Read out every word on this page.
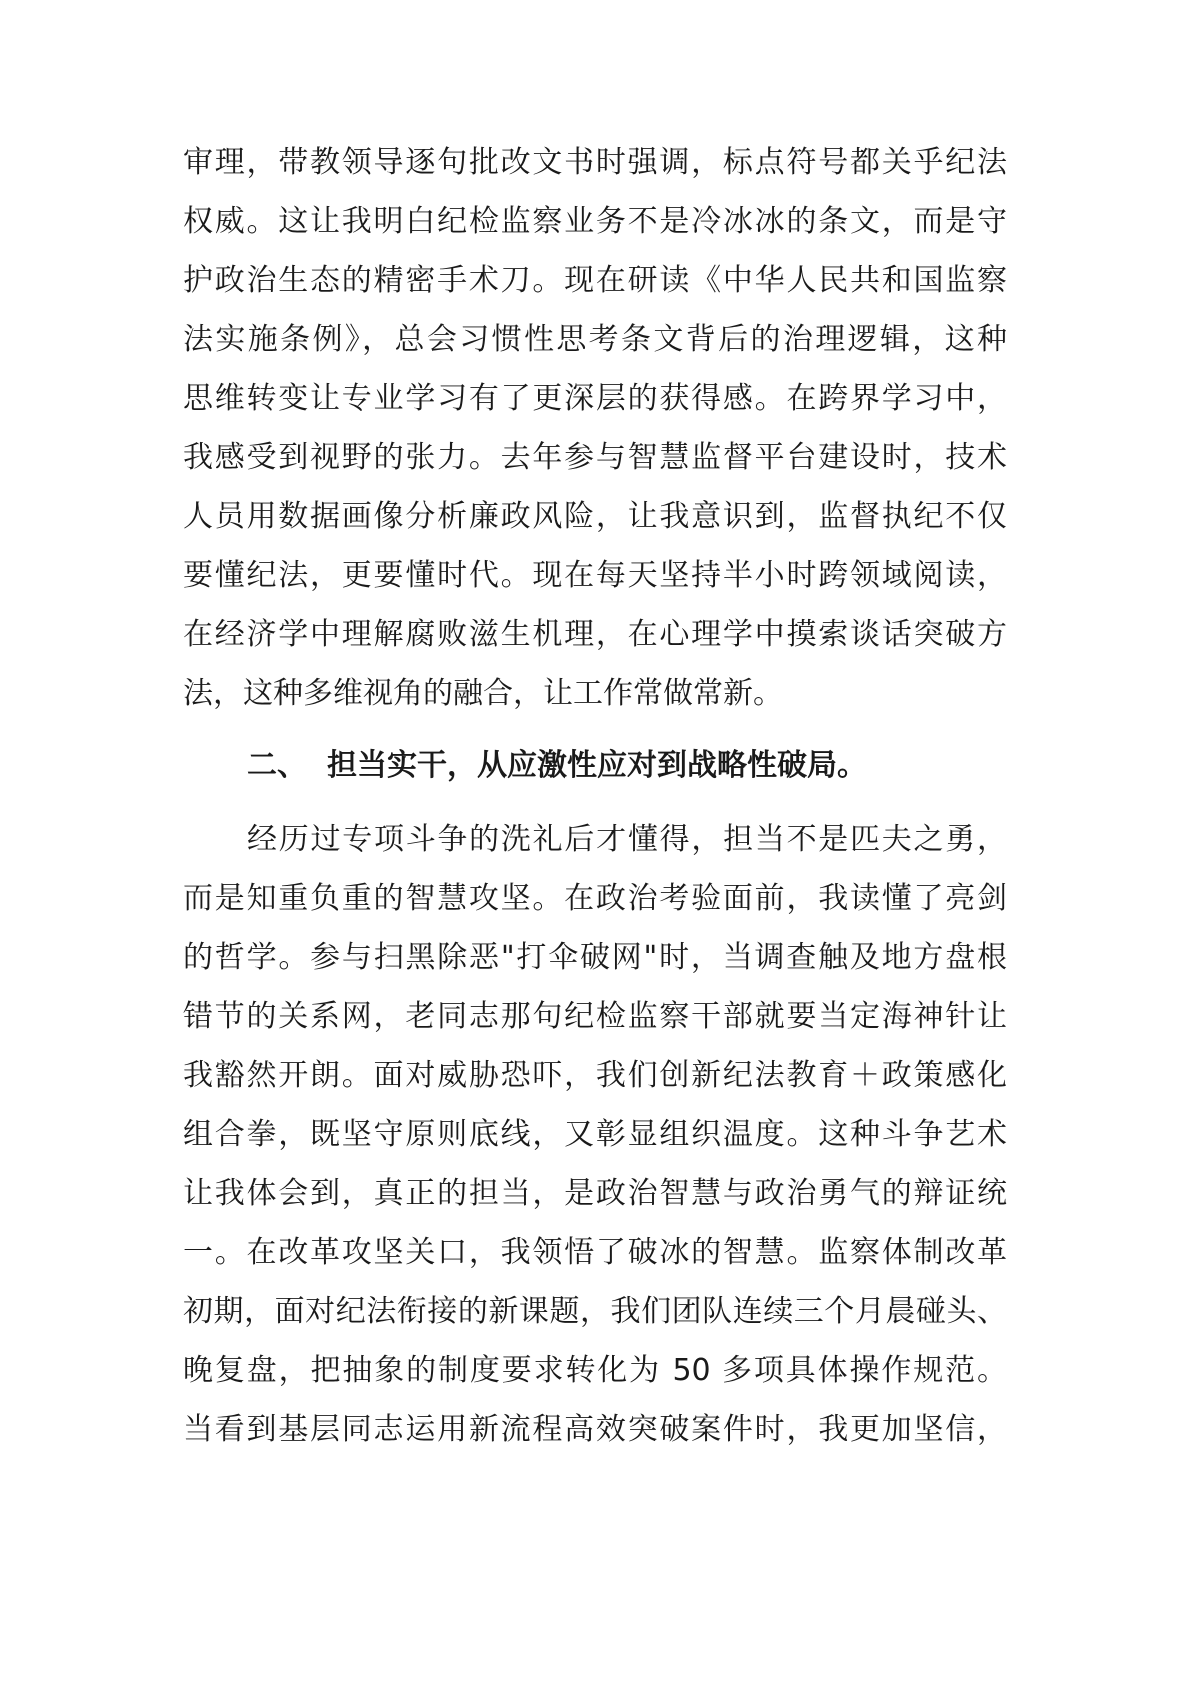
审理，带教领导逐句批改文书时强调，标点符号都关乎纪法
权威。这让我明白纪检监察业务不是冷冰冰的条文，而是守
护政治生态的精密手术刀。现在研读《中华人民共和国监察
法实施条例》，总会习惯性思考条文背后的治理逻辑，这种
思维转变让专业学习有了更深层的获得感。在跨界学习中，
我感受到视野的张力。去年参与智慧监督平台建设时，技术
人员用数据画像分析廉政风险，让我意识到，监督执纪不仅
要懂纪法，更要懂时代。现在每天坚持半小时跨领域阅读，
在经济学中理解腐败滋生机理，在心理学中摸索谈话突破方
法，这种多维视角的融合，让工作常做常新。
二、 担当实干，从应激性应对到战略性破局。
经历过专项斗争的洗礼后才懂得，担当不是匹夫之勇，
而是知重负重的智慧攻坚。在政治考验面前，我读懂了亮剑
的哲学。参与扫黑除恶"打伞破网"时，当调查触及地方盘根
错节的关系网，老同志那句纪检监察干部就要当定海神针让
我豁然开朗。面对威胁恐吓，我们创新纪法教育＋政策感化
组合拳，既坚守原则底线，又彰显组织温度。这种斗争艺术
让我体会到，真正的担当，是政治智慧与政治勇气的辩证统
一。在改革攻坚关口，我领悟了破冰的智慧。监察体制改革
初期，面对纪法衔接的新课题，我们团队连续三个月晨碰头、
晚复盘，把抽象的制度要求转化为 50 多项具体操作规范。
当看到基层同志运用新流程高效突破案件时，我更加坚信，
